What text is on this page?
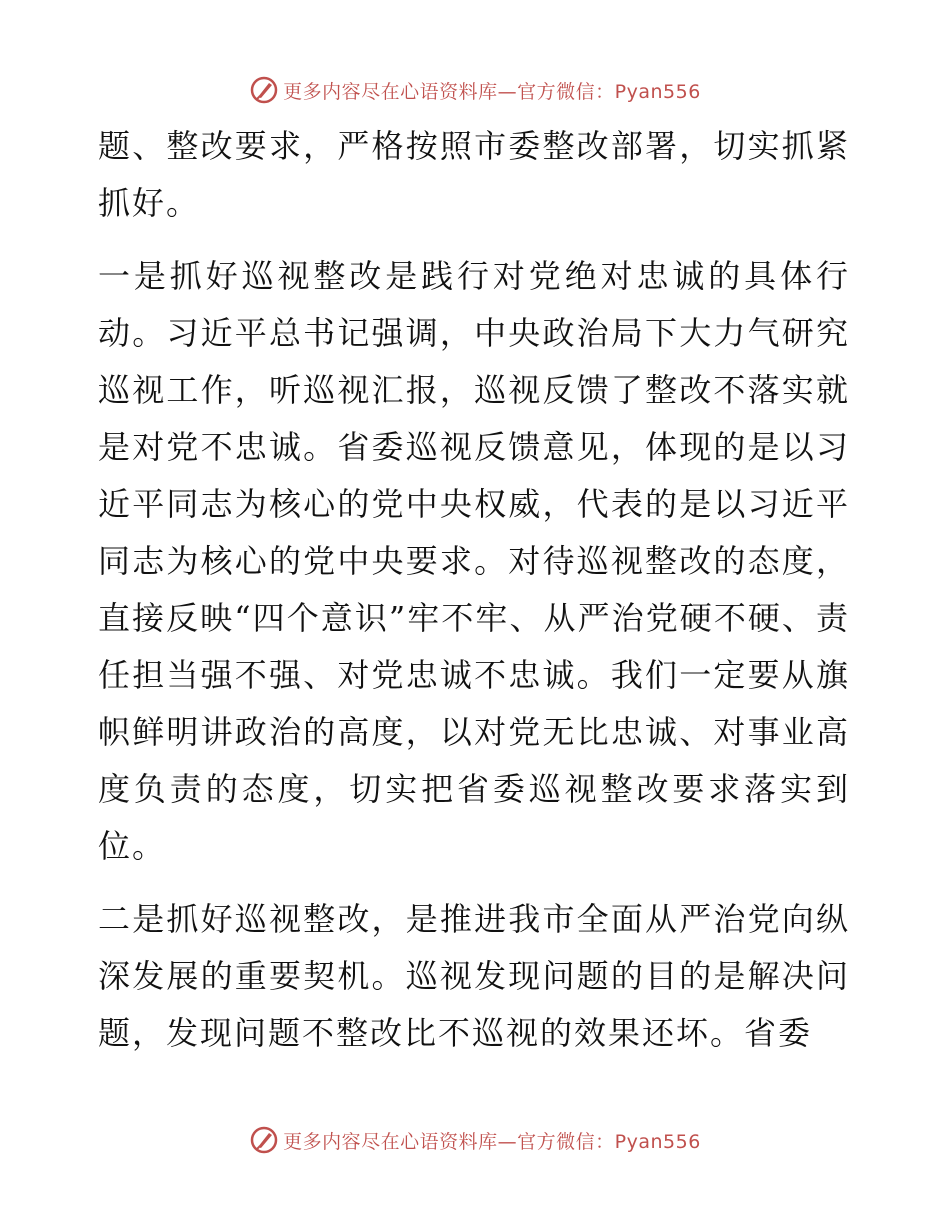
更多内容尽在心语资料库—官方微信：Pyan556

题、整改要求，严格按照市委整改部署，切实抓紧抓好。

一是抓好巡视整改是践行对党绝对忠诚的具体行动。习近平总书记强调，中央政治局下大力气研究巡视工作，听巡视汇报，巡视反馈了整改不落实就是对党不忠诚。省委巡视反馈意见，体现的是以习近平同志为核心的党中央权威，代表的是以习近平同志为核心的党中央要求。对待巡视整改的态度，直接反映“四个意识”牢不牢、从严治党硬不硬、责任担当强不强、对党忠诚不忠诚。我们一定要从旗帜鲜明讲政治的高度，以对党无比忠诚、对事业高度负责的态度，切实把省委巡视整改要求落实到位。

二是抓好巡视整改，是推进我市全面从严治党向纵深发展的重要契机。巡视发现问题的目的是解决问题，发现问题不整改比不巡视的效果还坏。省委

更多内容尽在心语资料库—官方微信：Pyan556
